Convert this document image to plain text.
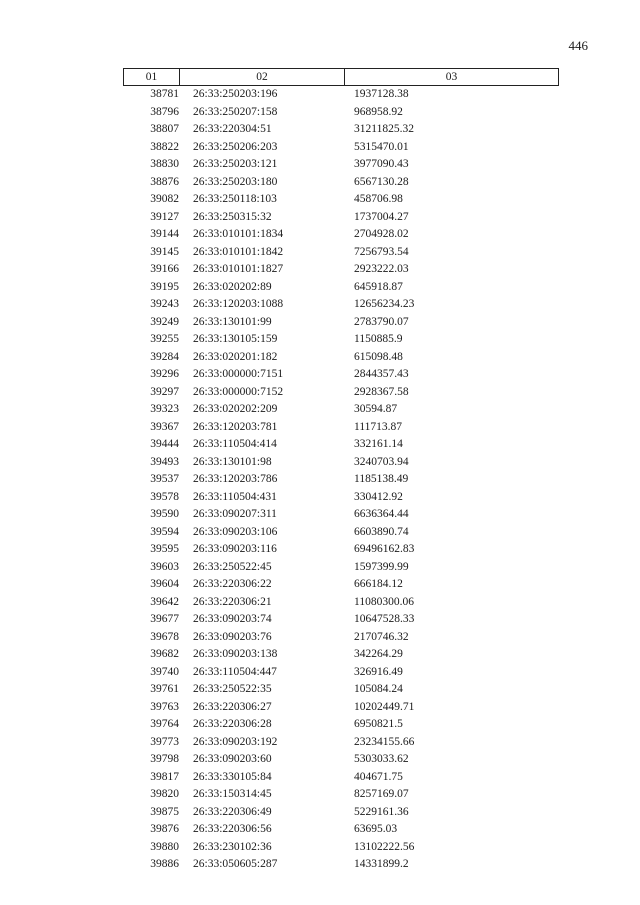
446
01	02	03
38781	26:33:250203:196	1937128.38
38796	26:33:250207:158	968958.92
38807	26:33:220304:51	31211825.32
38822	26:33:250206:203	5315470.01
38830	26:33:250203:121	3977090.43
38876	26:33:250203:180	6567130.28
39082	26:33:250118:103	458706.98
39127	26:33:250315:32	1737004.27
39144	26:33:010101:1834	2704928.02
39145	26:33:010101:1842	7256793.54
39166	26:33:010101:1827	2923222.03
39195	26:33:020202:89	645918.87
39243	26:33:120203:1088	12656234.23
39249	26:33:130101:99	2783790.07
39255	26:33:130105:159	1150885.9
39284	26:33:020201:182	615098.48
39296	26:33:000000:7151	2844357.43
39297	26:33:000000:7152	2928367.58
39323	26:33:020202:209	30594.87
39367	26:33:120203:781	111713.87
39444	26:33:110504:414	332161.14
39493	26:33:130101:98	3240703.94
39537	26:33:120203:786	1185138.49
39578	26:33:110504:431	330412.92
39590	26:33:090207:311	6636364.44
39594	26:33:090203:106	6603890.74
39595	26:33:090203:116	69496162.83
39603	26:33:250522:45	1597399.99
39604	26:33:220306:22	666184.12
39642	26:33:220306:21	11080300.06
39677	26:33:090203:74	10647528.33
39678	26:33:090203:76	2170746.32
39682	26:33:090203:138	342264.29
39740	26:33:110504:447	326916.49
39761	26:33:250522:35	105084.24
39763	26:33:220306:27	10202449.71
39764	26:33:220306:28	6950821.5
39773	26:33:090203:192	23234155.66
39798	26:33:090203:60	5303033.62
39817	26:33:330105:84	404671.75
39820	26:33:150314:45	8257169.07
39875	26:33:220306:49	5229161.36
39876	26:33:220306:56	63695.03
39880	26:33:230102:36	13102222.56
39886	26:33:050605:287	14331899.2
